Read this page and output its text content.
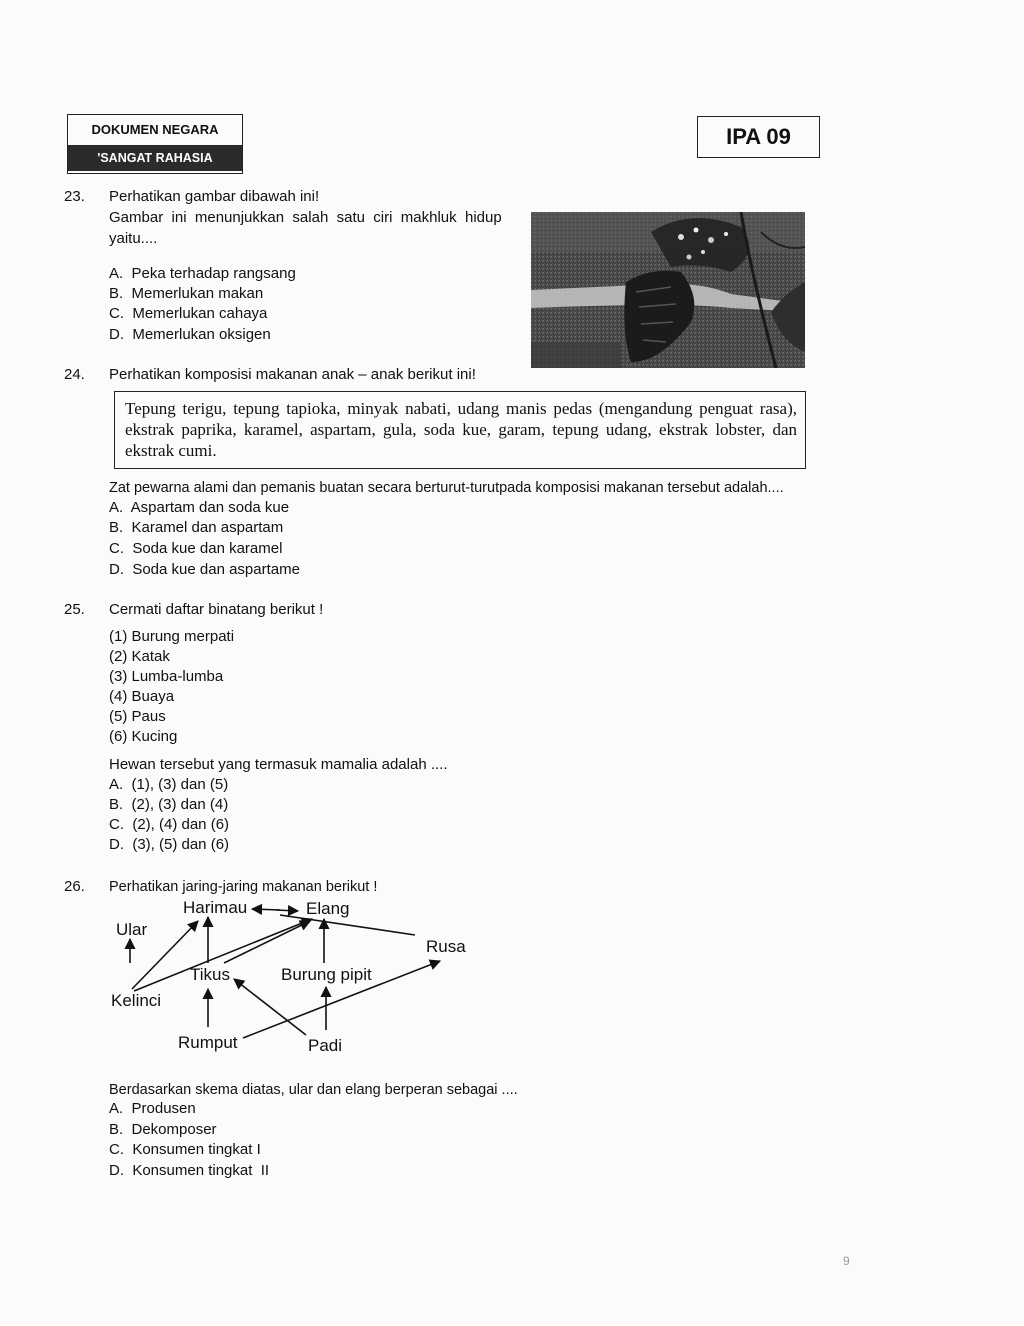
DOKUMEN NEGARA
'SANGAT RAHASIA
IPA 09
23. Perhatikan gambar dibawah ini!
Gambar  ini  menunjukkan  salah  satu  ciri  makhluk  hidup
yaitu....
A.  Peka terhadap rangsang
B.  Memerlukan makan
C.  Memerlukan cahaya
D.  Memerlukan oksigen
24. Perhatikan komposisi makanan anak – anak berikut ini!
Tepung terigu, tepung tapioka, minyak nabati, udang manis pedas (mengandung penguat rasa), ekstrak paprika, karamel, aspartam, gula, soda kue, garam, tepung udang, ekstrak lobster, dan ekstrak cumi.
Zat pewarna alami dan pemanis buatan secara berturut-turutpada komposisi makanan tersebut adalah....
A.  Aspartam dan soda kue
B.  Karamel dan aspartam
C.  Soda kue dan karamel
D.  Soda kue dan aspartame
25. Cermati daftar binatang berikut !
(1) Burung merpati
(2) Katak
(3) Lumba-lumba
(4) Buaya
(5) Paus
(6) Kucing
Hewan tersebut yang termasuk mamalia adalah ....
A.  (1), (3) dan (5)
B.  (2), (3) dan (4)
C.  (2), (4) dan (6)
D.  (3), (5) dan (6)
26. Perhatikan jaring-jaring makanan berikut !
Harimau	Elang
Ular
Rusa
Tikus	Burung pipit
Kelinci
Rumput	Padi
Berdasarkan skema diatas, ular dan elang berperan sebagai ....
A.  Produsen
B.  Dekomposer
C.  Konsumen tingkat I
D.  Konsumen tingkat  II
9
